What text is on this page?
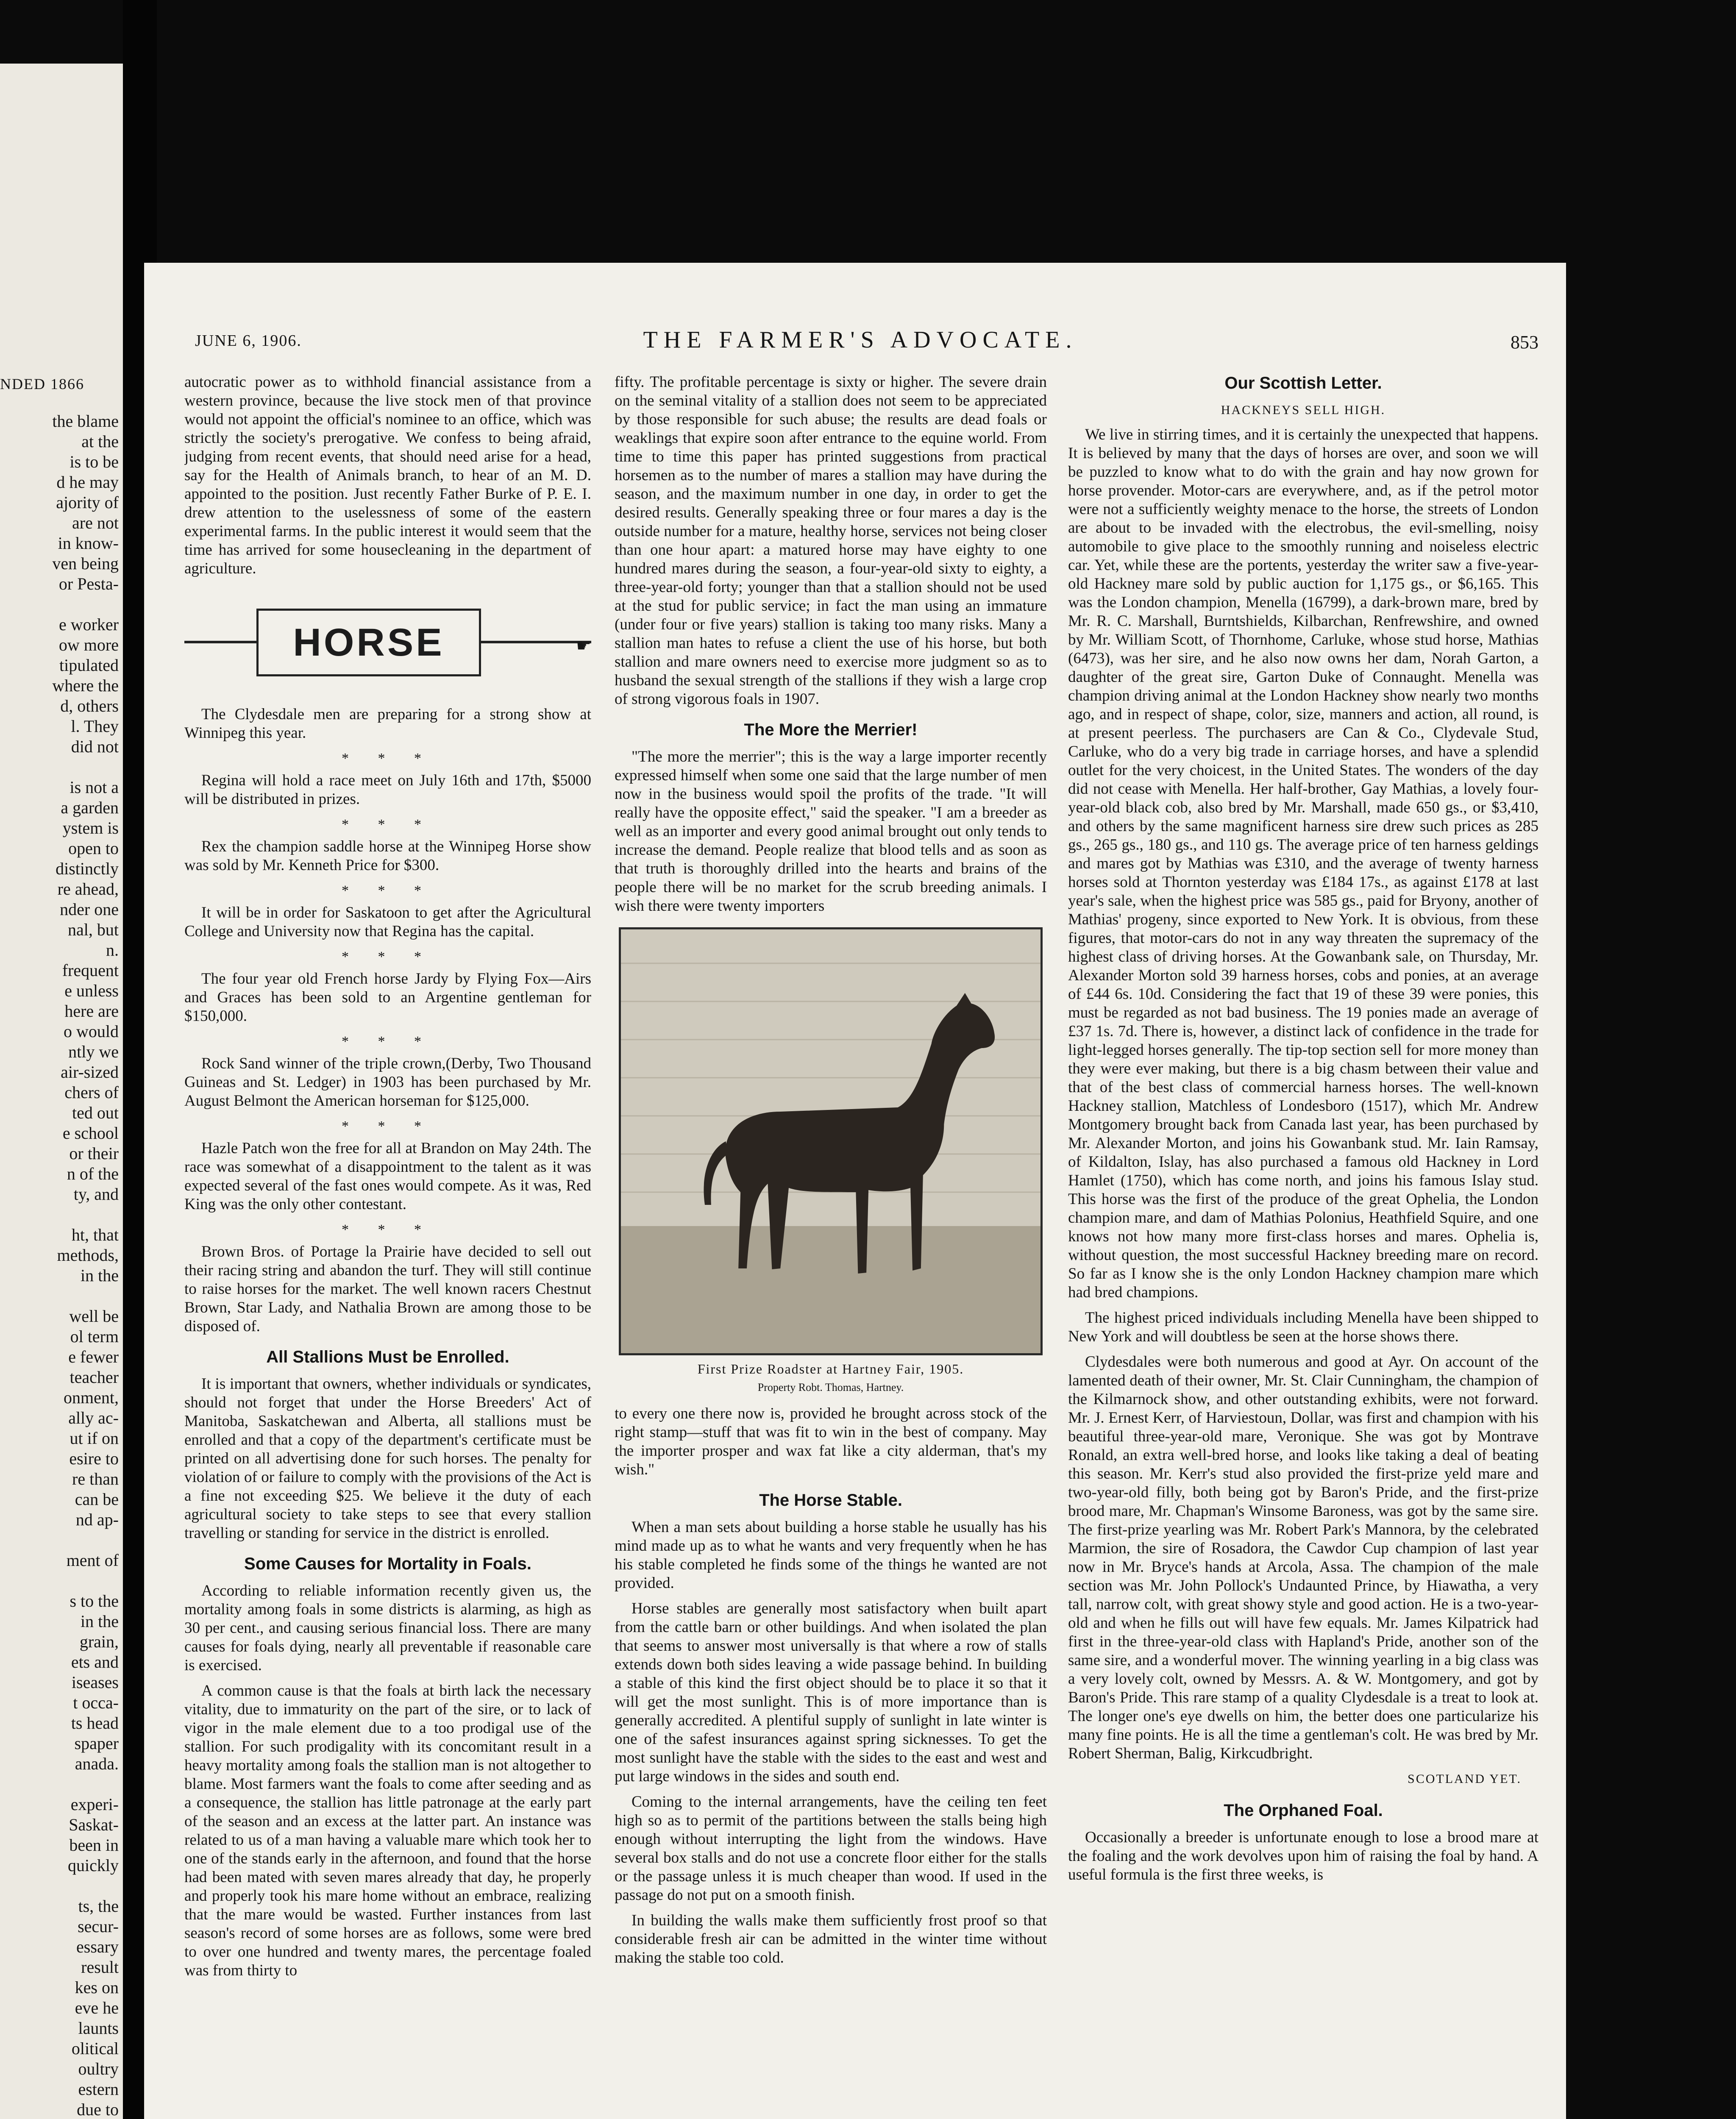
NDED 1866
the blame
at the
is to be
d he may
ajority of
are not
in know-
ven being
or Pesta-

e worker
ow more
tipulated
where the
d, others
l. They
did not

is not a
a garden
ystem is
open to
distinctly
re ahead,
nder one
nal, but
n.
frequent
e unless
here are
o would
ntly we
air-sized
chers of
ted out
e school
or their
n of the
ty, and

ht, that
methods,
in the

well be
ol term
e fewer
teacher
onment,
ally ac-
ut if on
esire to
re than
can be
nd ap-

ment of

s to the
in the
grain,
ets and
iseases
t occa-
ts head
spaper
anada.

experi-
Saskat-
been in
quickly

ts, the
secur-
essary
result
kes on
eve he
launts
olitical
oultry
estern
due to
JUNE 6, 1906.	THE FARMER'S ADVOCATE.	853

autocratic power as to withhold financial assistance from a western province, because the live stock men of that province would not appoint the official's nominee to an office, which was strictly the society's prerogative. We confess to being afraid, judging from recent events, that should need arise for a head, say for the Health of Animals branch, to hear of an M. D. appointed to the position. Just recently Father Burke of P. E. I. drew attention to the uselessness of some of the eastern experimental farms. In the public interest it would seem that the time has arrived for some housecleaning in the department of agriculture.

HORSE	☛

The Clydesdale men are preparing for a strong show at Winnipeg this year.

* * *

Regina will hold a race meet on July 16th and 17th, $5000 will be distributed in prizes.

* * *

Rex the champion saddle horse at the Winnipeg Horse show was sold by Mr. Kenneth Price for $300.

* * *

It will be in order for Saskatoon to get after the Agricultural College and University now that Regina has the capital.

* * *

The four year old French horse Jardy by Flying Fox—Airs and Graces has been sold to an Argentine gentleman for $150,000.

* * *

Rock Sand winner of the triple crown,(Derby, Two Thousand Guineas and St. Ledger) in 1903 has been purchased by Mr. August Belmont the American horseman for $125,000.

* * *

Hazle Patch won the free for all at Brandon on May 24th. The race was somewhat of a disappointment to the talent as it was expected several of the fast ones would compete. As it was, Red King was the only other contestant.

* * *

Brown Bros. of Portage la Prairie have decided to sell out their racing string and abandon the turf. They will still continue to raise horses for the market. The well known racers Chestnut Brown, Star Lady, and Nathalia Brown are among those to be disposed of.

All Stallions Must be Enrolled.

It is important that owners, whether individuals or syndicates, should not forget that under the Horse Breeders' Act of Manitoba, Saskatchewan and Alberta, all stallions must be enrolled and that a copy of the department's certificate must be printed on all advertising done for such horses. The penalty for violation of or failure to comply with the provisions of the Act is a fine not exceeding $25. We believe it the duty of each agricultural society to take steps to see that every stallion travelling or standing for service in the district is enrolled.

Some Causes for Mortality in Foals.

According to reliable information recently given us, the mortality among foals in some districts is alarming, as high as 30 per cent., and causing serious financial loss. There are many causes for foals dying, nearly all preventable if reasonable care is exercised.

A common cause is that the foals at birth lack the necessary vitality, due to immaturity on the part of the sire, or to lack of vigor in the male element due to a too prodigal use of the stallion. For such prodigality with its concomitant result in a heavy mortality among foals the stallion man is not altogether to blame. Most farmers want the foals to come after seeding and as a consequence, the stallion has little patronage at the early part of the season and an excess at the latter part. An instance was related to us of a man having a valuable mare which took her to one of the stands early in the afternoon, and found that the horse had been mated with seven mares already that day, he properly and properly took his mare home without an embrace, realizing that the mare would be wasted. Further instances from last season's record of some horses are as follows, some were bred to over one hundred and twenty mares, the percentage foaled was from thirty to

fifty. The profitable percentage is sixty or higher. The severe drain on the seminal vitality of a stallion does not seem to be appreciated by those responsible for such abuse; the results are dead foals or weaklings that expire soon after entrance to the equine world. From time to time this paper has printed suggestions from practical horsemen as to the number of mares a stallion may have during the season, and the maximum number in one day, in order to get the desired results. Generally speaking three or four mares a day is the outside number for a mature, healthy horse, services not being closer than one hour apart: a matured horse may have eighty to one hundred mares during the season, a four-year-old sixty to eighty, a three-year-old forty; younger than that a stallion should not be used at the stud for public service; in fact the man using an immature (under four or five years) stallion is taking too many risks. Many a stallion man hates to refuse a client the use of his horse, but both stallion and mare owners need to exercise more judgment so as to husband the sexual strength of the stallions if they wish a large crop of strong vigorous foals in 1907.

The More the Merrier!

"The more the merrier"; this is the way a large importer recently expressed himself when some one said that the large number of men now in the business would spoil the profits of the trade. "It will really have the opposite effect," said the speaker. "I am a breeder as well as an importer and every good animal brought out only tends to increase the demand. People realize that blood tells and as soon as that truth is thoroughly drilled into the hearts and brains of the people there will be no market for the scrub breeding animals. I wish there were twenty importers

First Prize Roadster at Hartney Fair, 1905.
Property Robt. Thomas, Hartney.

to every one there now is, provided he brought across stock of the right stamp—stuff that was fit to win in the best of company. May the importer prosper and wax fat like a city alderman, that's my wish."

The Horse Stable.

When a man sets about building a horse stable he usually has his mind made up as to what he wants and very frequently when he has his stable completed he finds some of the things he wanted are not provided.

Horse stables are generally most satisfactory when built apart from the cattle barn or other buildings. And when isolated the plan that seems to answer most universally is that where a row of stalls extends down both sides leaving a wide passage behind. In building a stable of this kind the first object should be to place it so that it will get the most sunlight. This is of more importance than is generally accredited. A plentiful supply of sunlight in late winter is one of the safest insurances against spring sicknesses. To get the most sunlight have the stable with the sides to the east and west and put large windows in the sides and south end.

Coming to the internal arrangements, have the ceiling ten feet high so as to permit of the partitions between the stalls being high enough without interrupting the light from the windows. Have several box stalls and do not use a concrete floor either for the stalls or the passage unless it is much cheaper than wood. If used in the passage do not put on a smooth finish.

In building the walls make them sufficiently frost proof so that considerable fresh air can be admitted in the winter time without making the stable too cold.

Our Scottish Letter.
HACKNEYS SELL HIGH.

We live in stirring times, and it is certainly the unexpected that happens. It is believed by many that the days of horses are over, and soon we will be puzzled to know what to do with the grain and hay now grown for horse provender. Motor-cars are everywhere, and, as if the petrol motor were not a sufficiently weighty menace to the horse, the streets of London are about to be invaded with the electrobus, the evil-smelling, noisy automobile to give place to the smoothly running and noiseless electric car. Yet, while these are the portents, yesterday the writer saw a five-year-old Hackney mare sold by public auction for 1,175 gs., or $6,165. This was the London champion, Menella (16799), a dark-brown mare, bred by Mr. R. C. Marshall, Burntshields, Kilbarchan, Renfrewshire, and owned by Mr. William Scott, of Thornhome, Carluke, whose stud horse, Mathias (6473), was her sire, and he also now owns her dam, Norah Garton, a daughter of the great sire, Garton Duke of Connaught. Menella was champion driving animal at the London Hackney show nearly two months ago, and in respect of shape, color, size, manners and action, all round, is at present peerless. The purchasers are Can & Co., Clydevale Stud, Carluke, who do a very big trade in carriage horses, and have a splendid outlet for the very choicest, in the United States. The wonders of the day did not cease with Menella. Her half-brother, Gay Mathias, a lovely four-year-old black cob, also bred by Mr. Marshall, made 650 gs., or $3,410, and others by the same magnificent harness sire drew such prices as 285 gs., 265 gs., 180 gs., and 110 gs. The average price of ten harness geldings and mares got by Mathias was £310, and the average of twenty harness horses sold at Thornton yesterday was £184 17s., as against £178 at last year's sale, when the highest price was 585 gs., paid for Bryony, another of Mathias' progeny, since exported to New York. It is obvious, from these figures, that motor-cars do not in any way threaten the supremacy of the highest class of driving horses. At the Gowanbank sale, on Thursday, Mr. Alexander Morton sold 39 harness horses, cobs and ponies, at an average of £44 6s. 10d. Considering the fact that 19 of these 39 were ponies, this must be regarded as not bad business. The 19 ponies made an average of £37 1s. 7d. There is, however, a distinct lack of confidence in the trade for light-legged horses generally. The tip-top section sell for more money than they were ever making, but there is a big chasm between their value and that of the best class of commercial harness horses. The well-known Hackney stallion, Matchless of Londesboro (1517), which Mr. Andrew Montgomery brought back from Canada last year, has been purchased by Mr. Alexander Morton, and joins his Gowanbank stud. Mr. Iain Ramsay, of Kildalton, Islay, has also purchased a famous old Hackney in Lord Hamlet (1750), which has come north, and joins his famous Islay stud. This horse was the first of the produce of the great Ophelia, the London champion mare, and dam of Mathias Polonius, Heathfield Squire, and one knows not how many more first-class horses and mares. Ophelia is, without question, the most successful Hackney breeding mare on record. So far as I know she is the only London Hackney champion mare which had bred champions.

The highest priced individuals including Menella have been shipped to New York and will doubtless be seen at the horse shows there.

Clydesdales were both numerous and good at Ayr. On account of the lamented death of their owner, Mr. St. Clair Cunningham, the champion of the Kilmarnock show, and other outstanding exhibits, were not forward. Mr. J. Ernest Kerr, of Harviestoun, Dollar, was first and champion with his beautiful three-year-old mare, Veronique. She was got by Montrave Ronald, an extra well-bred horse, and looks like taking a deal of beating this season. Mr. Kerr's stud also provided the first-prize yeld mare and two-year-old filly, both being got by Baron's Pride, and the first-prize brood mare, Mr. Chapman's Winsome Baroness, was got by the same sire. The first-prize yearling was Mr. Robert Park's Mannora, by the celebrated Marmion, the sire of Rosadora, the Cawdor Cup champion of last year now in Mr. Bryce's hands at Arcola, Assa. The champion of the male section was Mr. John Pollock's Undaunted Prince, by Hiawatha, a very tall, narrow colt, with great showy style and good action. He is a two-year-old and when he fills out will have few equals. Mr. James Kilpatrick had first in the three-year-old class with Hapland's Pride, another son of the same sire, and a wonderful mover. The winning yearling in a big class was a very lovely colt, owned by Messrs. A. & W. Montgomery, and got by Baron's Pride. This rare stamp of a quality Clydesdale is a treat to look at. The longer one's eye dwells on him, the better does one particularize his many fine points. He is all the time a gentleman's colt. He was bred by Mr. Robert Sherman, Balig, Kirkcudbright.

SCOTLAND YET.
The Orphaned Foal.

Occasionally a breeder is unfortunate enough to lose a brood mare at the foaling and the work devolves upon him of raising the foal by hand. A useful formula is the first three weeks, is
